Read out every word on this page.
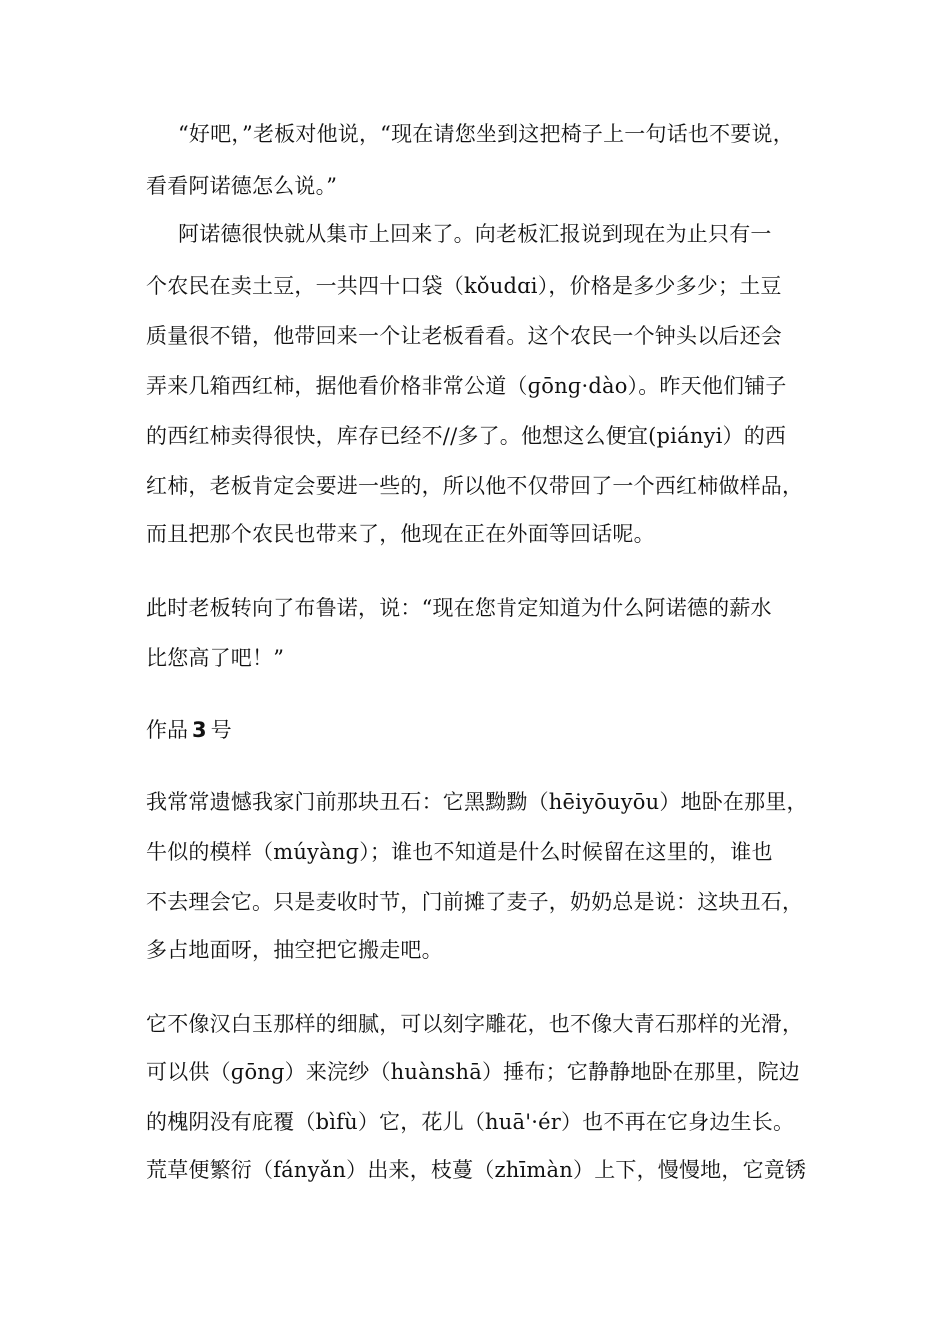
“好吧，”老板对他说，“现在请您坐到这把椅子上一句话也不要说，
看看阿诺德怎么说。”
阿诺德很快就从集市上回来了。向老板汇报说到现在为止只有一
个农民在卖土豆，一共四十口袋（kǒudɑi），价格是多少多少；土豆
质量很不错，他带回来一个让老板看看。这个农民一个钟头以后还会
弄来几箱西红柿，据他看价格非常公道（ɡōnɡ·dào）。昨天他们铺子
的西红柿卖得很快，库存已经不//多了。他想这么便宜(piányi）的西
红柿，老板肯定会要进一些的，所以他不仅带回了一个西红柿做样品，
而且把那个农民也带来了，他现在正在外面等回话呢。
此时老板转向了布鲁诺，说：“现在您肯定知道为什么阿诺德的薪水
比您高了吧！”
作品 3 号
我常常遗憾我家门前那块丑石：它黑黝黝（hēiyōuyōu）地卧在那里，
牛似的模样（múyànɡ）；谁也不知道是什么时候留在这里的，谁也
不去理会它。只是麦收时节，门前摊了麦子，奶奶总是说：这块丑石，
多占地面呀，抽空把它搬走吧。
它不像汉白玉那样的细腻，可以刻字雕花，也不像大青石那样的光滑，
可以供（ɡōnɡ）来浣纱（huànshā）捶布；它静静地卧在那里，院边
的槐阴没有庇覆（bìfù）它，花儿（huā'·ér）也不再在它身边生长。
荒草便繁衍（fányǎn）出来，枝蔓（zhīmàn）上下，慢慢地，它竟锈
